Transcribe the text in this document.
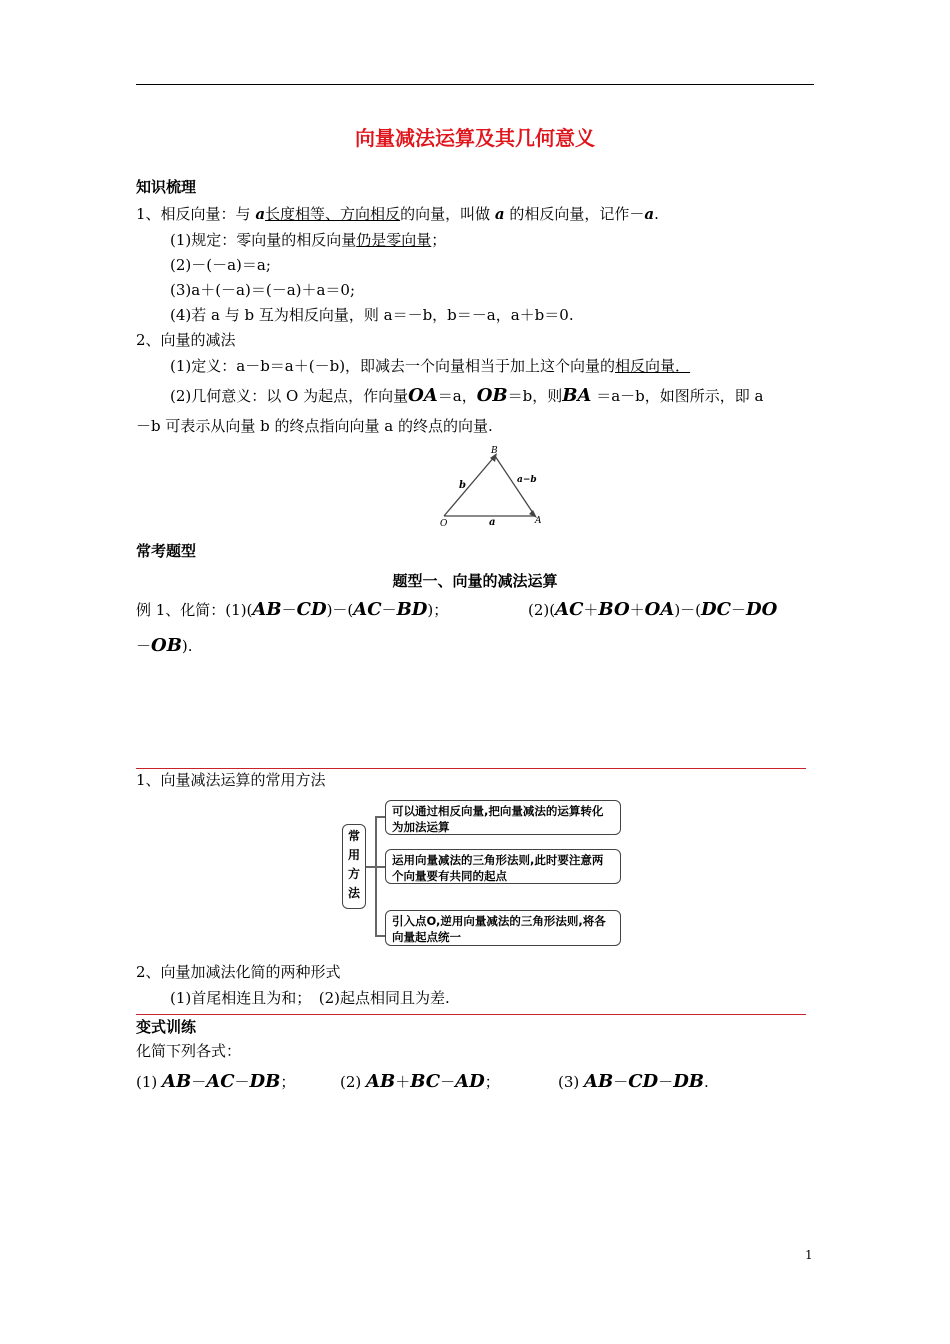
向量减法运算及其几何意义
知识梳理
1、相反向量：与 a长度相等、方向相反的向量，叫做 a 的相反向量，记作－a.
(1)规定：零向量的相反向量仍是零向量；
(2)－(－a)＝a;
(3)a＋(－a)＝(－a)＋a＝0;
(4)若 a 与 b 互为相反向量，则 a＝－b，b＝－a，a＋b＝0.
2、向量的减法
(1)定义：a－b＝a＋(－b)，即减去一个向量相当于加上这个向量的相反向量．
(2)几何意义：以 O 为起点，作向量OA＝a，OB＝b，则BA ＝a－b，如图所示，即 a
－b 可表示从向量 b 的终点指向向量 a 的终点的向量.
B
O	A
b	a−b
a
常考题型
题型一、向量的减法运算
例 1、化简：(1)(AB－CD)－(AC－BD)；	(2)(AC＋BO＋OA)－(DC－DO
－OB).
1、向量减法运算的常用方法
常
用
方
法
可以通过相反向量,把向量减法的运算转化为加法运算
运用向量减法的三角形法则,此时要注意两个向量要有共同的起点
引入点O,逆用向量减法的三角形法则,将各向量起点统一
2、向量加减法化简的两种形式
(1)首尾相连且为和；　(2)起点相同且为差.
变式训练
化简下列各式：
(1) AB－AC－DB；	(2) AB＋BC－AD；	(3) AB－CD－DB.
1
